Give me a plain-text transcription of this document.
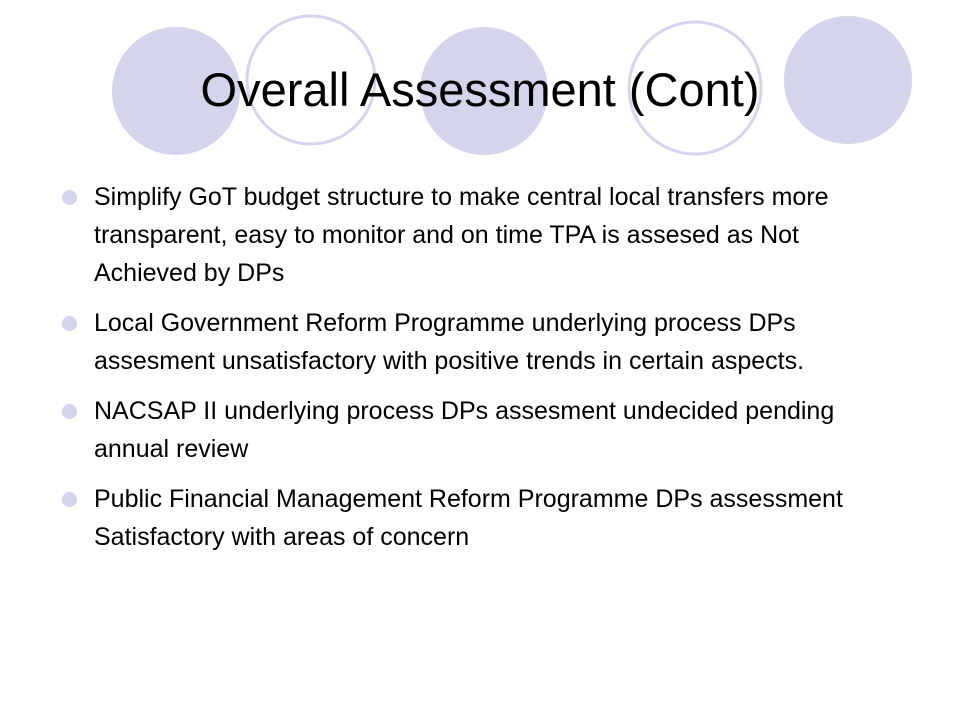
Overall Assessment (Cont)
Simplify GoT budget structure to make central local transfers more transparent, easy to monitor and on time TPA is assesed as Not Achieved by DPs
Local Government Reform Programme underlying process DPs assesment unsatisfactory with positive trends in certain aspects.
NACSAP II underlying process DPs assesment undecided pending annual review
Public Financial Management Reform Programme DPs assessment Satisfactory with areas of concern
